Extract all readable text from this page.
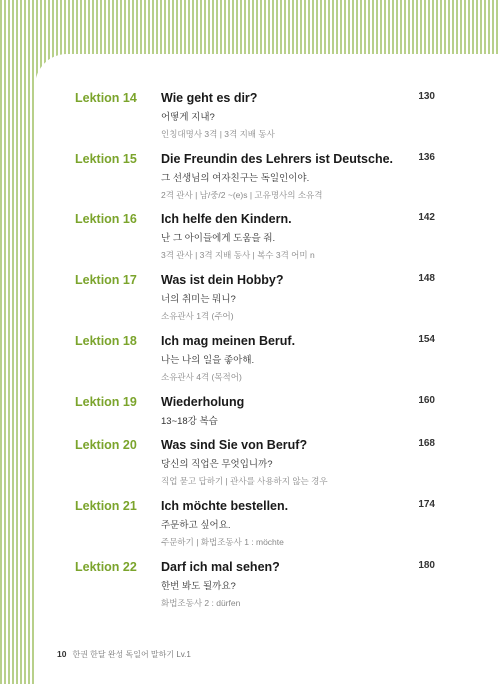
Lektion 14 Wie geht es dir?
어떻게 지내?
인칭대명사 3격 | 3격 지배 동사
130
Lektion 15 Die Freundin des Lehrers ist Deutsche.
그 선생님의 여자친구는 독일인이야.
2격 관사 | 남/중/2 ~(e)s | 고유명사의 소유격
136
Lektion 16 Ich helfe den Kindern.
난 그 아이들에게 도움을 줘.
3격 관사 | 3격 지배 동사 | 복수 3격 어미 n
142
Lektion 17 Was ist dein Hobby?
너의 취미는 뭐니?
소유관사 1격 (주어)
148
Lektion 18 Ich mag meinen Beruf.
나는 나의 일을 좋아해.
소유관사 4격 (목적어)
154
Lektion 19 Wiederholung
13~18강 복습
160
Lektion 20 Was sind Sie von Beruf?
당신의 직업은 무엇입니까?
직업 묻고 답하기 | 관사를 사용하지 않는 경우
168
Lektion 21 Ich möchte bestellen.
주문하고 싶어요.
주문하기 | 화법조동사 1 : möchte
174
Lektion 22 Darf ich mal sehen?
한번 봐도 될까요?
화법조동사 2 : dürfen
180
10 한권 한달 완성 독일어 말하기 Lv.1
